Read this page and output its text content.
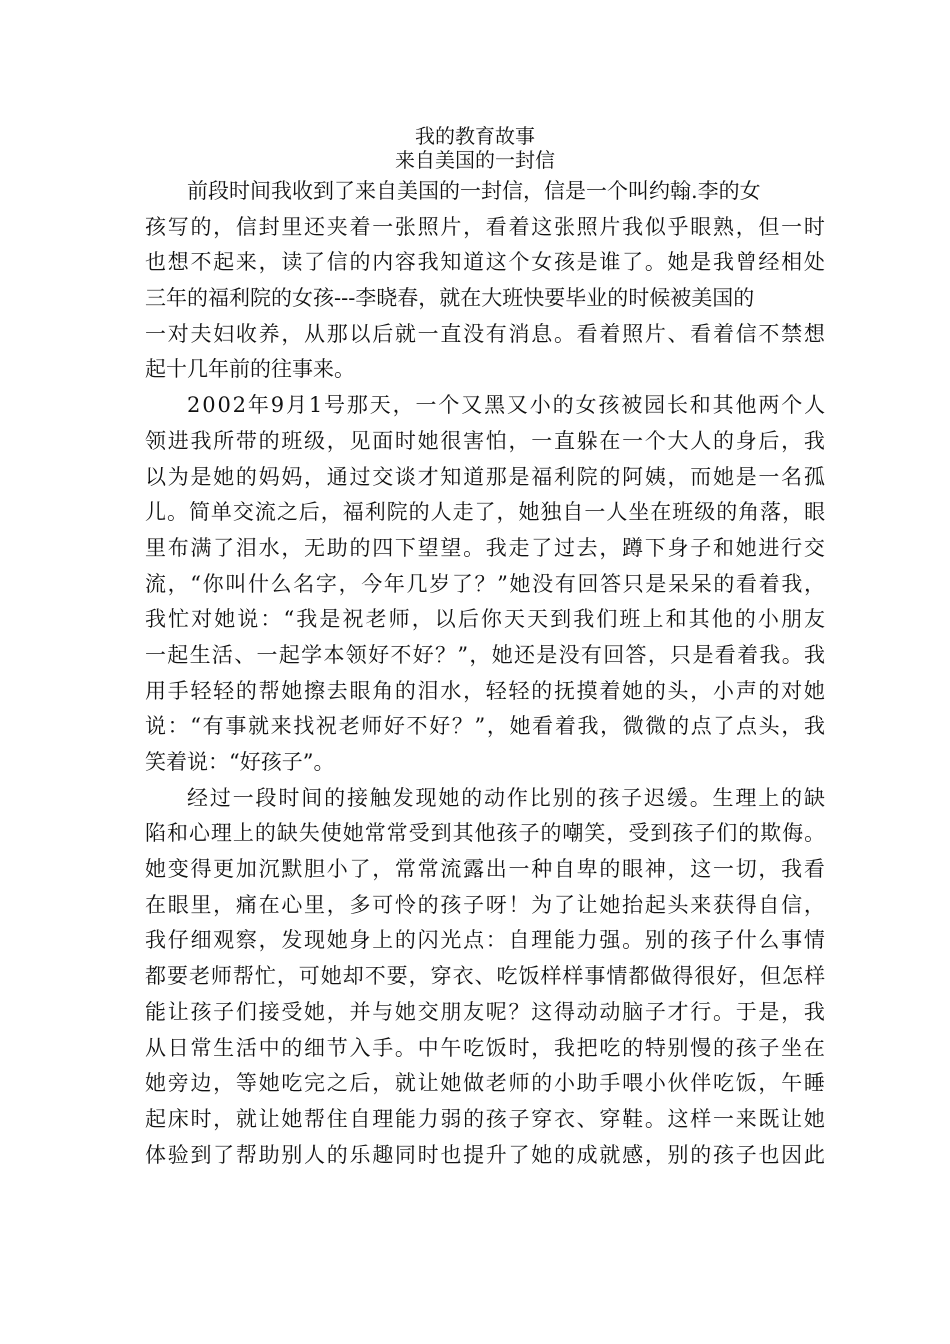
我的教育故事
来自美国的一封信
前段时间我收到了来自美国的一封信，信是一个叫约翰.李的女
孩写的，信封里还夹着一张照片，看着这张照片我似乎眼熟，但一时
也想不起来，读了信的内容我知道这个女孩是谁了。她是我曾经相处
三年的福利院的女孩---李晓春，就在大班快要毕业的时候被美国的
一对夫妇收养，从那以后就一直没有消息。看着照片、看着信不禁想
起十几年前的往事来。
2002年9月1号那天，一个又黑又小的女孩被园长和其他两个人
领进我所带的班级，见面时她很害怕，一直躲在一个大人的身后，我
以为是她的妈妈，通过交谈才知道那是福利院的阿姨，而她是一名孤
儿。简单交流之后，福利院的人走了，她独自一人坐在班级的角落，眼
里布满了泪水，无助的四下望望。我走了过去，蹲下身子和她进行交
流，“你叫什么名字，今年几岁了？”她没有回答只是呆呆的看着我，
我忙对她说：“我是祝老师，以后你天天到我们班上和其他的小朋友
一起生活、一起学本领好不好？”，她还是没有回答，只是看着我。我
用手轻轻的帮她擦去眼角的泪水，轻轻的抚摸着她的头，小声的对她
说：“有事就来找祝老师好不好？”，她看着我，微微的点了点头，我
笑着说：“好孩子”。
经过一段时间的接触发现她的动作比别的孩子迟缓。生理上的缺
陷和心理上的缺失使她常常受到其他孩子的嘲笑，受到孩子们的欺侮。
她变得更加沉默胆小了，常常流露出一种自卑的眼神，这一切，我看
在眼里，痛在心里，多可怜的孩子呀！为了让她抬起头来获得自信，
我仔细观察，发现她身上的闪光点：自理能力强。别的孩子什么事情
都要老师帮忙，可她却不要，穿衣、吃饭样样事情都做得很好，但怎样
能让孩子们接受她，并与她交朋友呢？这得动动脑子才行。于是，我
从日常生活中的细节入手。中午吃饭时，我把吃的特别慢的孩子坐在
她旁边，等她吃完之后，就让她做老师的小助手喂小伙伴吃饭，午睡
起床时，就让她帮住自理能力弱的孩子穿衣、穿鞋。这样一来既让她
体验到了帮助别人的乐趣同时也提升了她的成就感，别的孩子也因此
